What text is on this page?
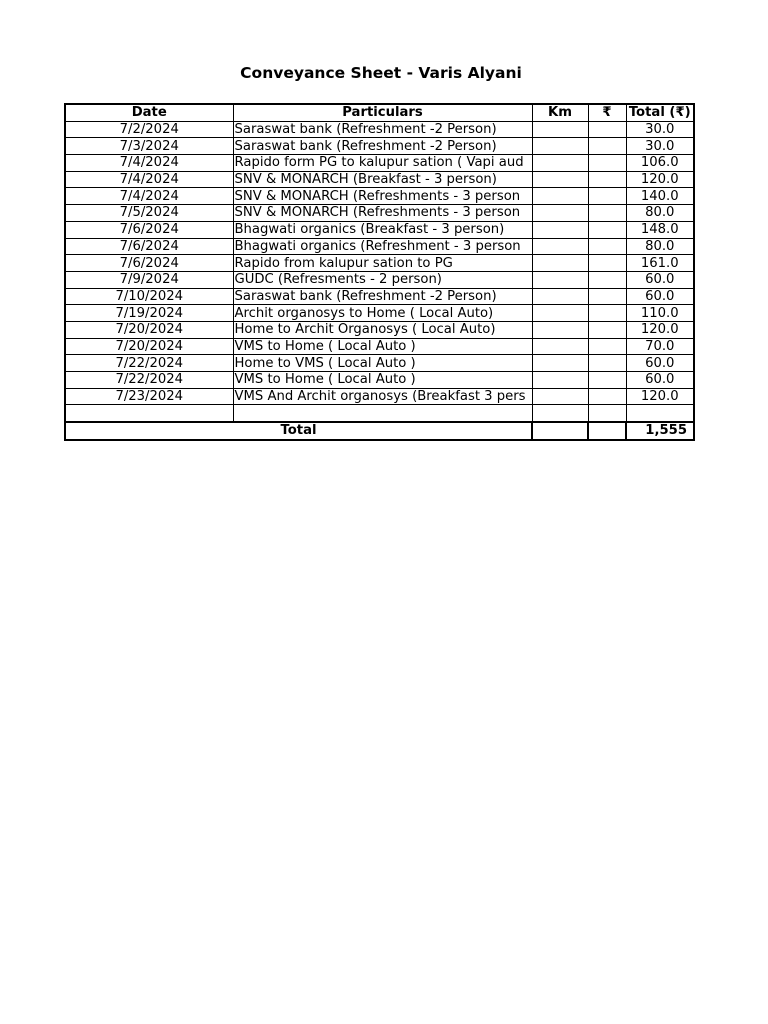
Conveyance Sheet - Varis Alyani
Date	Particulars	Km	₹	Total (₹)
7/2/2024	Saraswat bank (Refreshment -2 Person)			30.0
7/3/2024	Saraswat bank (Refreshment -2 Person)			30.0
7/4/2024	Rapido form PG to kalupur sation ( Vapi aud			106.0
7/4/2024	SNV & MONARCH (Breakfast - 3 person)			120.0
7/4/2024	SNV & MONARCH (Refreshments - 3 person			140.0
7/5/2024	SNV & MONARCH (Refreshments - 3 person			80.0
7/6/2024	Bhagwati organics (Breakfast - 3 person)			148.0
7/6/2024	Bhagwati organics (Refreshment - 3 person			80.0
7/6/2024	Rapido from kalupur sation to PG			161.0
7/9/2024	GUDC (Refresments - 2 person)			60.0
7/10/2024	Saraswat bank (Refreshment -2 Person)			60.0
7/19/2024	Archit organosys to Home ( Local Auto)			110.0
7/20/2024	Home to Archit Organosys ( Local Auto)			120.0
7/20/2024	VMS to Home ( Local Auto )			70.0
7/22/2024	Home to VMS ( Local Auto )			60.0
7/22/2024	VMS to Home ( Local Auto )			60.0
7/23/2024	VMS And Archit organosys (Breakfast 3 pers			120.0

Total				1,555
